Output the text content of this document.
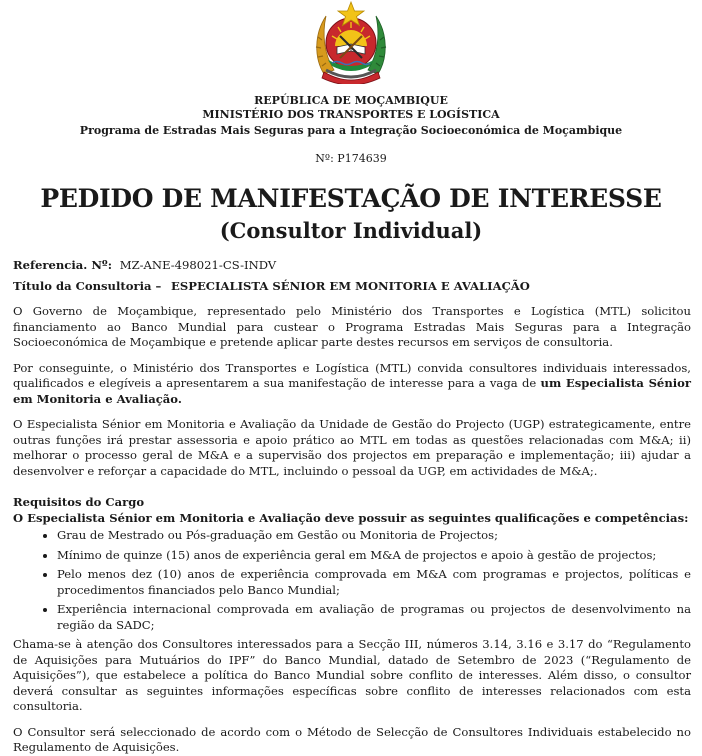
REPÚBLICA DE MOÇAMBIQUE
MINISTÉRIO DOS TRANSPORTES E LOGÍSTICA
Programa de Estradas Mais Seguras para a Integração Socioeconómica de Moçambique
Nº: P174639
PEDIDO DE MANIFESTAÇÃO DE INTERESSE
(Consultor Individual)
Referencia. Nº: MZ-ANE-498021-CS-INDV
Título da Consultoria – ESPECIALISTA SÉNIOR EM MONITORIA E AVALIAÇÃO

O Governo de Moçambique, representado pelo Ministério dos Transportes e Logística (MTL) solicitou financiamento ao Banco Mundial para custear o Programa Estradas Mais Seguras para a Integração Socioeconómica de Moçambique e pretende aplicar parte destes recursos em serviços de consultoria.

Por conseguinte, o Ministério dos Transportes e Logística (MTL) convida consultores individuais interessados, qualificados e elegíveis a apresentarem a sua manifestação de interesse para a vaga de um Especialista Sénior em Monitoria e Avaliação.

O Especialista Sénior em Monitoria e Avaliação da Unidade de Gestão do Projecto (UGP) estrategicamente, entre outras funções irá prestar assessoria e apoio prático ao MTL em todas as questões relacionadas com M&A; ii) melhorar o processo geral de M&A e a supervisão dos projectos em preparação e implementação; iii) ajudar a desenvolver e reforçar a capacidade do MTL, incluindo o pessoal da UGP, em actividades de M&A;.

Requisitos do Cargo
O Especialista Sénior em Monitoria e Avaliação deve possuir as seguintes qualificações e competências:
• Grau de Mestrado ou Pós-graduação em Gestão ou Monitoria de Projectos;
• Mínimo de quinze (15) anos de experiência geral em M&A de projectos e apoio à gestão de projectos;
• Pelo menos dez (10) anos de experiência comprovada em M&A com programas e projectos, políticas e procedimentos financiados pelo Banco Mundial;
• Experiência internacional comprovada em avaliação de programas ou projectos de desenvolvimento na região da SADC;

Chama-se à atenção dos Consultores interessados para a Secção III, números 3.14, 3.16 e 3.17 do “Regulamento de Aquisições para Mutuários do IPF” do Banco Mundial, datado de Setembro de 2023 (“Regulamento de Aquisições”), que estabelece a política do Banco Mundial sobre conflito de interesses. Além disso, o consultor deverá consultar as seguintes informações específicas sobre conflito de interesses relacionados com esta consultoria.

O Consultor será seleccionado de acordo com o Método de Selecção de Consultores Individuais estabelecido no Regulamento de Aquisições.
